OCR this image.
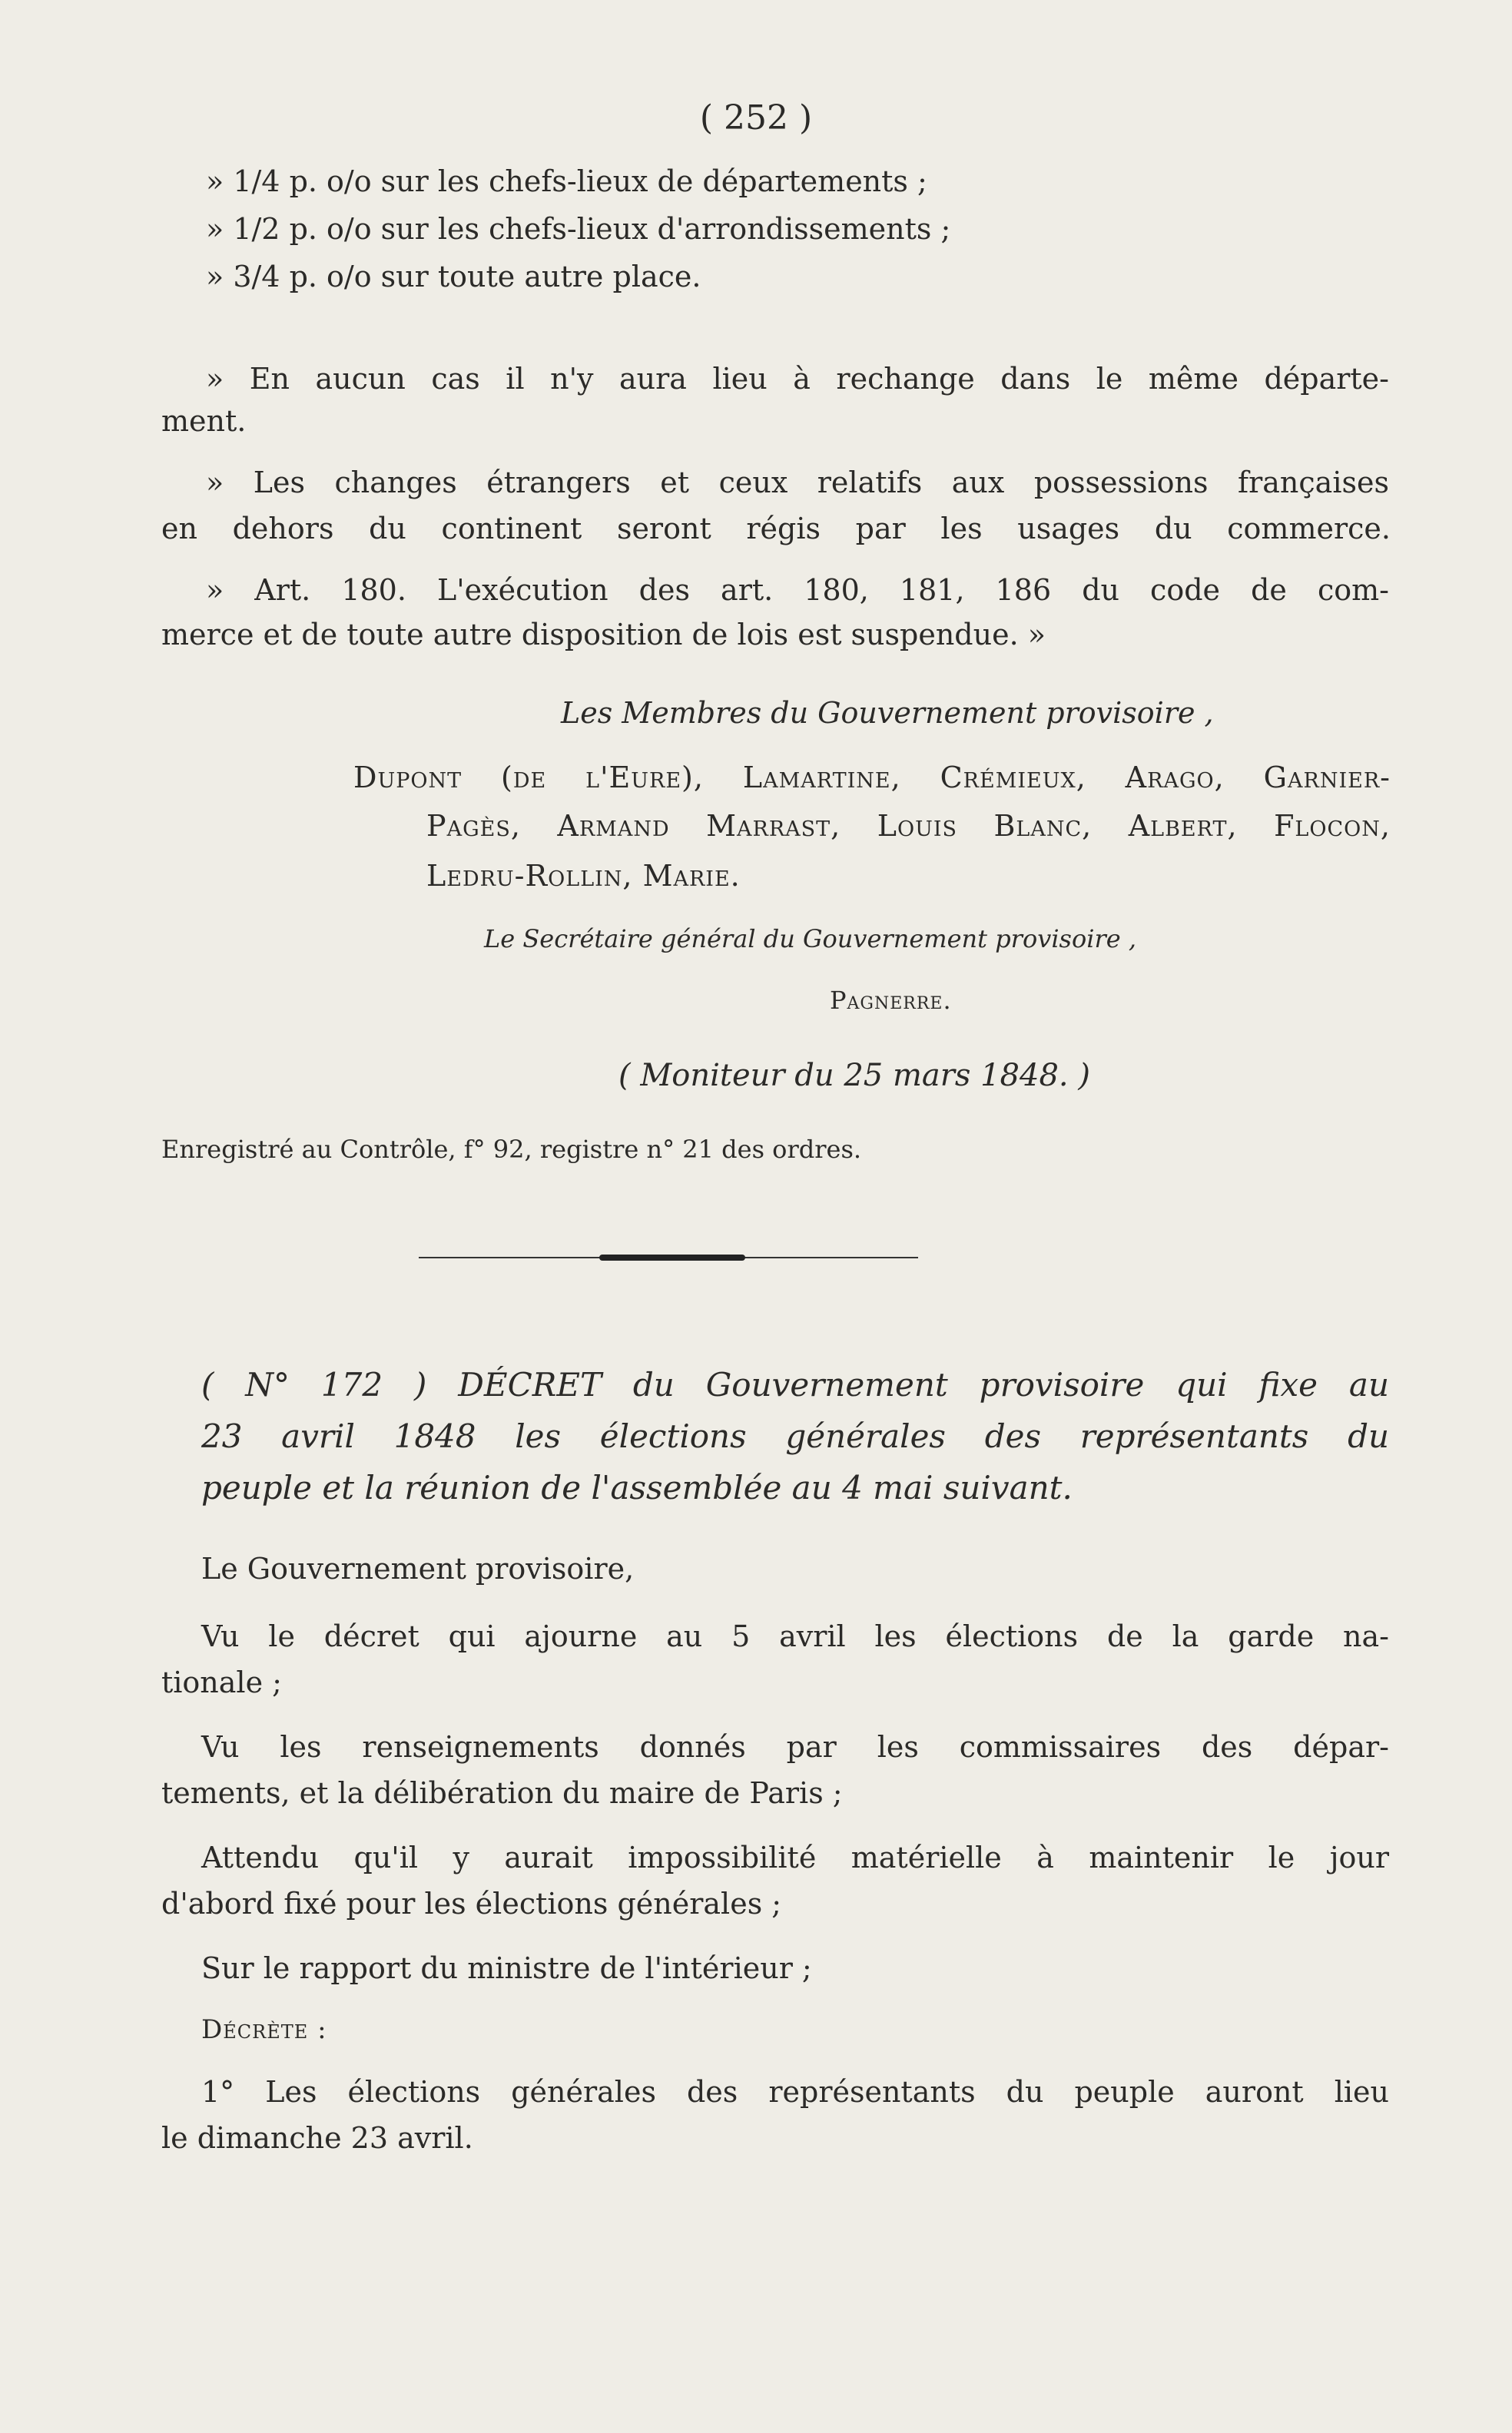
( 252 )

» 1/4 p. o/o sur les chefs-lieux de départements ;

» 1/2 p. o/o sur les chefs-lieux d'arrondissements ;

» 3/4 p. o/o sur toute autre place.

» En aucun cas il n'y aura lieu à rechange dans le même départe-

ment.

» Les changes étrangers et ceux relatifs aux possessions françaises

en dehors du continent seront régis par les usages du commerce.

» Art. 180. L'exécution des art. 180, 181, 186 du code de com-

merce et de toute autre disposition de lois est suspendue. »

Les Membres du Gouvernement provisoire ,

Dupont (de l'Eure), Lamartine, Crémieux, Arago, Garnier-

Pagès, Armand Marrast, Louis Blanc, Albert, Flocon,

Ledru-Rollin, Marie.

Le Secrétaire général du Gouvernement provisoire ,

Pagnerre.

( Moniteur du 25 mars 1848. )

Enregistré au Contrôle, f° 92, registre n° 21 des ordres.

( N° 172 ) DÉCRET du Gouvernement provisoire qui fixe au

23 avril 1848 les élections générales des représentants du

peuple et la réunion de l'assemblée au 4 mai suivant.

Le Gouvernement provisoire,

Vu le décret qui ajourne au 5 avril les élections de la garde na-

tionale ;

Vu les renseignements donnés par les commissaires des dépar-

tements, et la délibération du maire de Paris ;

Attendu qu'il y aurait impossibilité matérielle à maintenir le jour

d'abord fixé pour les élections générales ;

Sur le rapport du ministre de l'intérieur ;

Décrète :

1° Les élections générales des représentants du peuple auront lieu

le dimanche 23 avril.
